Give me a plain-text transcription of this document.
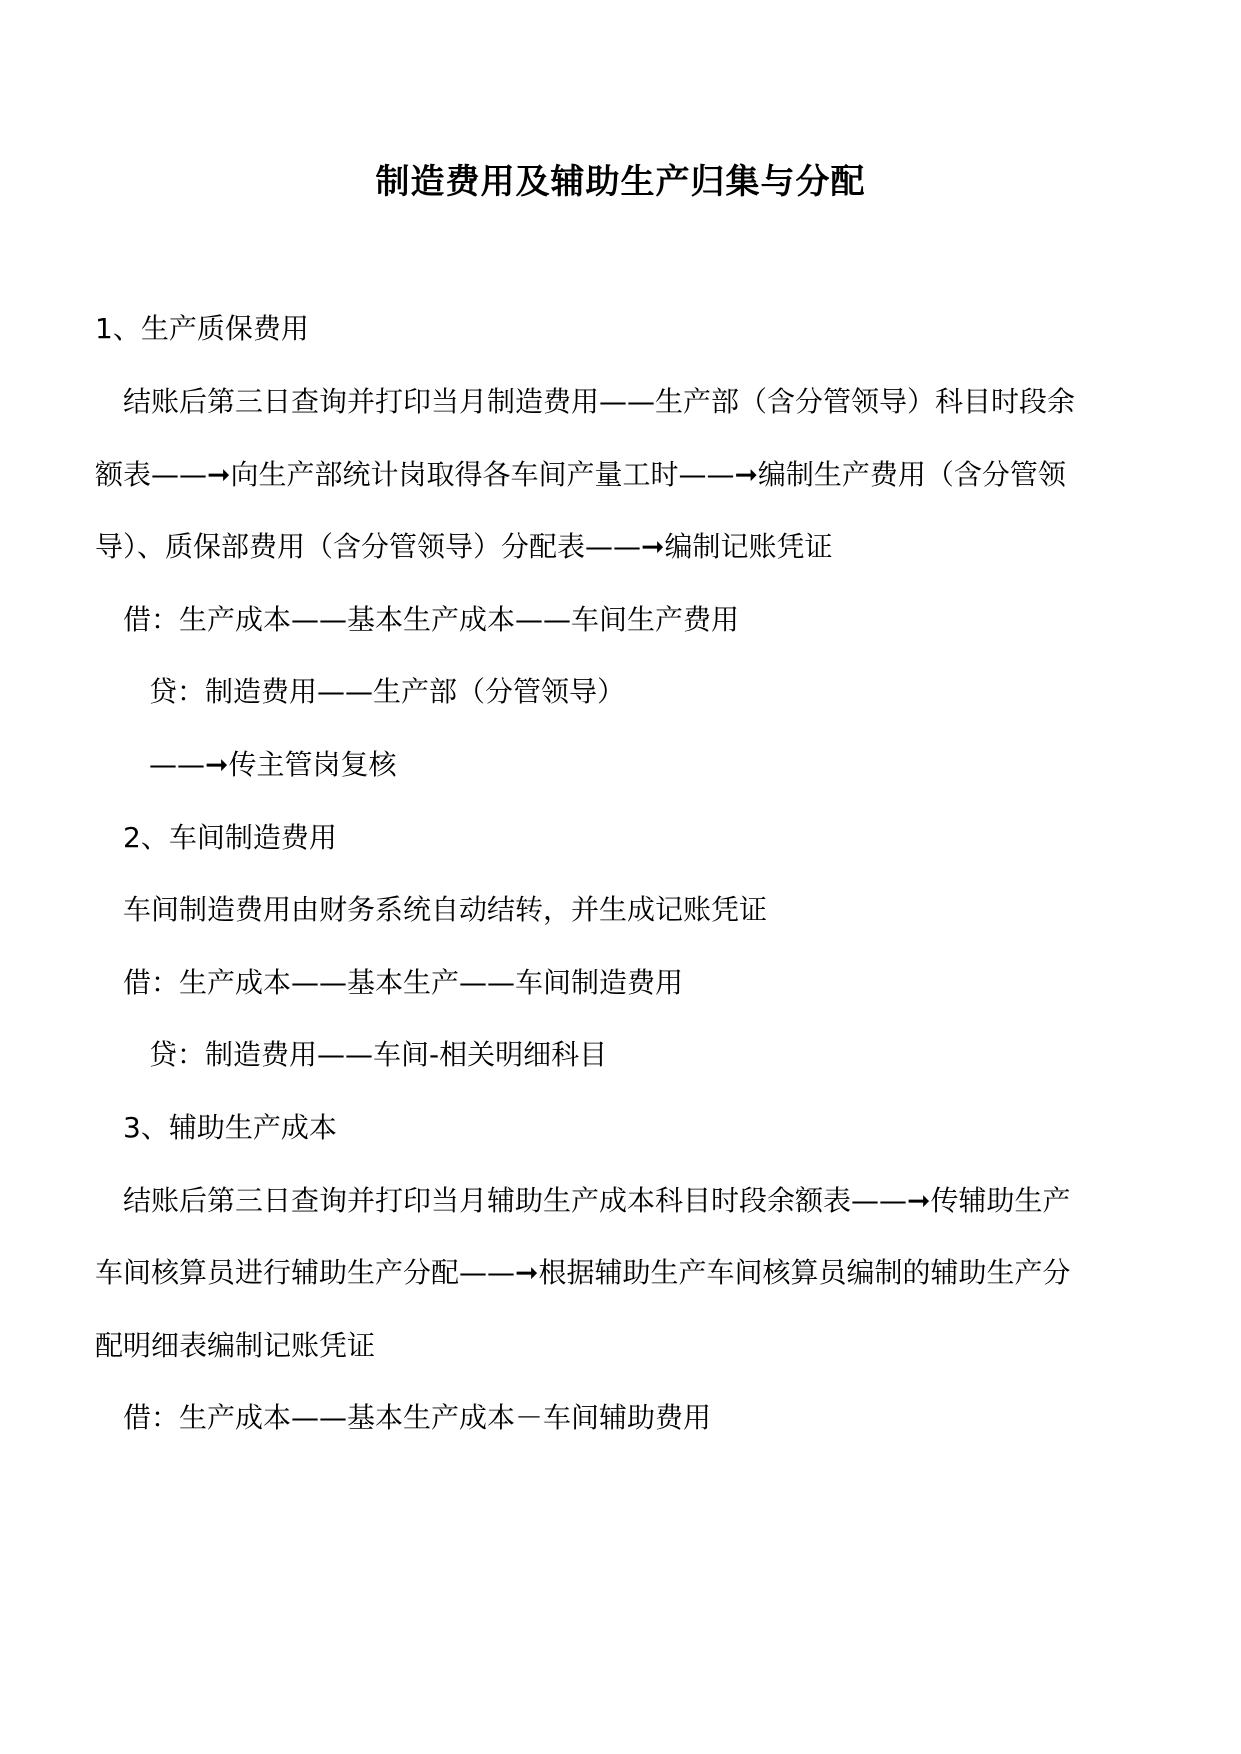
制造费用及辅助生产归集与分配
1、生产质保费用
结账后第三日查询并打印当月制造费用——生产部（含分管领导）科目时段余
额表——➞向生产部统计岗取得各车间产量工时——➞编制生产费用（含分管领
导）、质保部费用（含分管领导）分配表——➞编制记账凭证
借：生产成本——基本生产成本——车间生产费用
贷：制造费用——生产部（分管领导）
——➞传主管岗复核
2、车间制造费用
车间制造费用由财务系统自动结转，并生成记账凭证
借：生产成本——基本生产——车间制造费用
贷：制造费用——车间-相关明细科目
3、辅助生产成本
结账后第三日查询并打印当月辅助生产成本科目时段余额表——➞传辅助生产
车间核算员进行辅助生产分配——➞根据辅助生产车间核算员编制的辅助生产分
配明细表编制记账凭证
借：生产成本——基本生产成本－车间辅助费用
